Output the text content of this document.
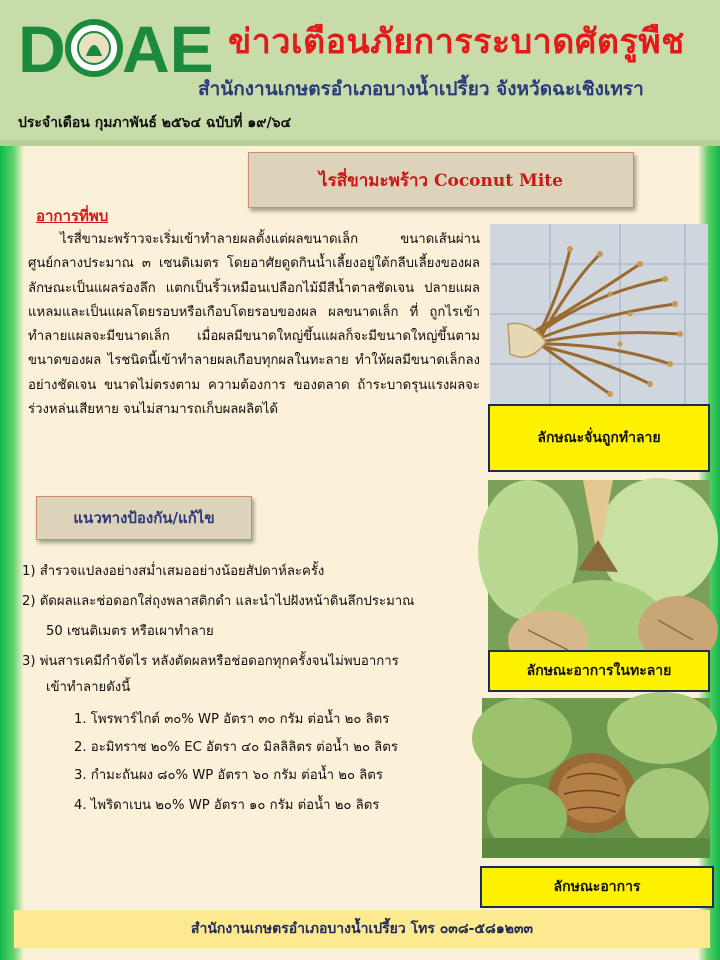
D AE ข่าวเตือนภัยการระบาดศัตรูพืช
สำนักงานเกษตรอำเภอบางน้ำเปรี้ยว จังหวัดฉะเชิงเทรา
ประจำเดือน กุมภาพันธ์ ๒๕๖๔ ฉบับที่ ๑๙/๖๔
ไรสี่ขามะพร้าว Coconut Mite
อาการที่พบ
ไรสี่ขามะพร้าวจะเริ่มเข้าทำลายผลตั้งแต่ผลขนาดเล็ก ขนาดเส้นผ่านศูนย์กลางประมาณ ๓ เซนติเมตร โดยอาศัยดูดกินน้ำเลี้ยงอยู่ใต้กลีบเลี้ยงของผล ลักษณะเป็นแผลร่องลึก แตกเป็นริ้วเหมือนเปลือกไม้มีสีน้ำตาลชัดเจน ปลายแผลแหลมและเป็นแผลโดยรอบหรือเกือบโดยรอบของผล ผลขนาดเล็ก ที่ ถูกไรเข้าทำลายแผลจะมีขนาดเล็ก เมื่อผลมีขนาดใหญ่ขึ้นแผลก็จะมีขนาดใหญ่ขึ้นตามขนาดของผล ไรชนิดนี้เข้าทำลายผลเกือบทุกผลในทะลาย ทำให้ผลมีขนาดเล็กลงอย่างชัดเจน ขนาดไม่ตรงตาม ความต้องการ ของตลาด ถ้าระบาดรุนแรงผลจะร่วงหล่นเสียหาย จนไม่สามารถเก็บผลผลิตได้
แนวทางป้องกัน/แก้ไข
1) สำรวจแปลงอย่างสม่ำเสมออย่างน้อยสัปดาห์ละครั้ง
2) ตัดผลและช่อดอกใส่ถุงพลาสติกดำ และนำไปฝังหน้าดินลึกประมาณ
50 เซนติเมตร หรือเผาทำลาย
3) พ่นสารเคมีกำจัดไร หลังตัดผลหรือช่อดอกทุกครั้งจนไม่พบอาการ
เข้าทำลายดังนี้
1. โพรพาร์ไกต์ ๓๐% WP อัตรา ๓๐ กรัม ต่อน้ำ ๒๐ ลิตร
2. อะมิทราซ ๒๐% EC อัตรา ๔๐ มิลลิลิตร ต่อน้ำ ๒๐ ลิตร
3. กำมะถันผง ๘๐% WP อัตรา ๖๐ กรัม ต่อน้ำ ๒๐ ลิตร
4. ไพริดาเบน ๒๐% WP อัตรา ๑๐ กรัม ต่อน้ำ ๒๐ ลิตร
ลักษณะจั่นถูกทำลาย
ลักษณะอาการในทะลาย
ลักษณะอาการ
สำนักงานเกษตรอำเภอบางน้ำเปรี้ยว โทร ๐๓๘-๕๘๑๒๓๓
